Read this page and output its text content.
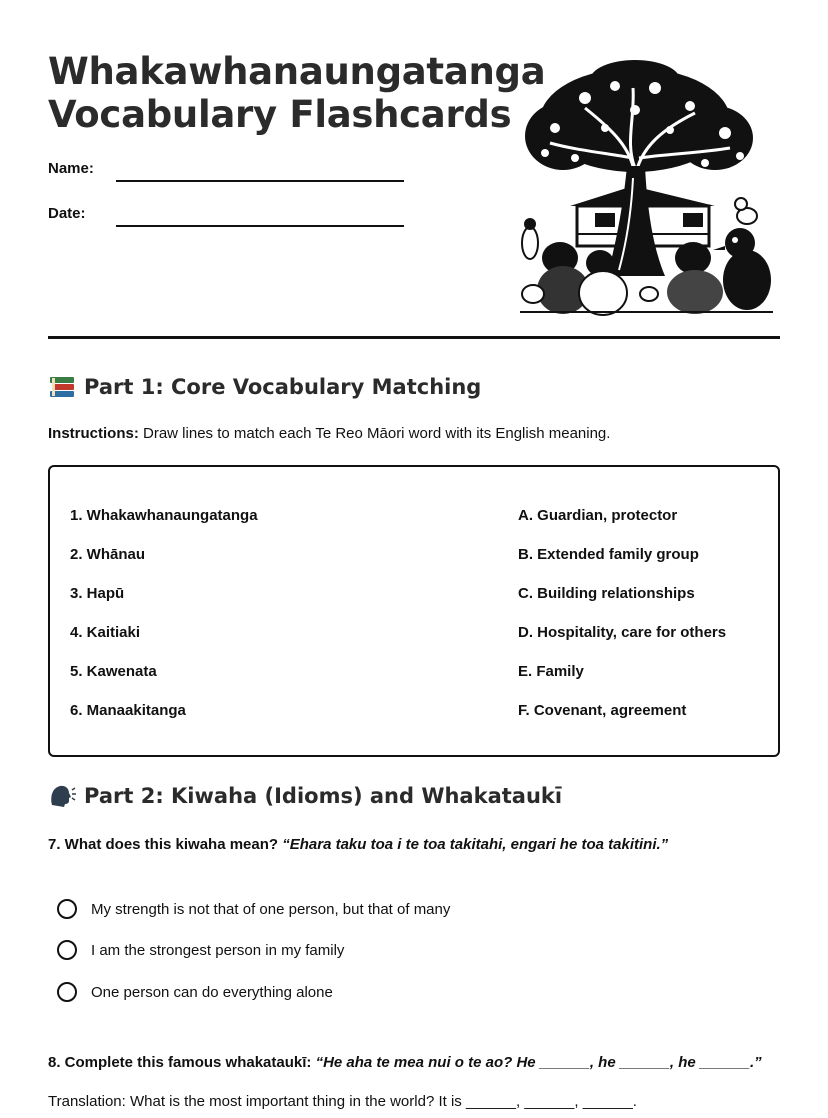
Whakawhanaungatanga
Vocabulary Flashcards
Name:
Date:
Part 1: Core Vocabulary Matching
Instructions: Draw lines to match each Te Reo Māori word with its English meaning.
1. Whakawhanaungatanga
2. Whānau
3. Hapū
4. Kaitiaki
5. Kawenata
6. Manaakitanga
A. Guardian, protector
B. Extended family group
C. Building relationships
D. Hospitality, care for others
E. Family
F. Covenant, agreement
Part 2: Kiwaha (Idioms) and Whakataukī
7. What does this kiwaha mean? “Ehara taku toa i te toa takitahi, engari he toa takitini.”
My strength is not that of one person, but that of many
I am the strongest person in my family
One person can do everything alone
8. Complete this famous whakataukī: “He aha te mea nui o te ao? He ______, he ______, he ______.”
Translation: What is the most important thing in the world? It is ______, ______, ______.
